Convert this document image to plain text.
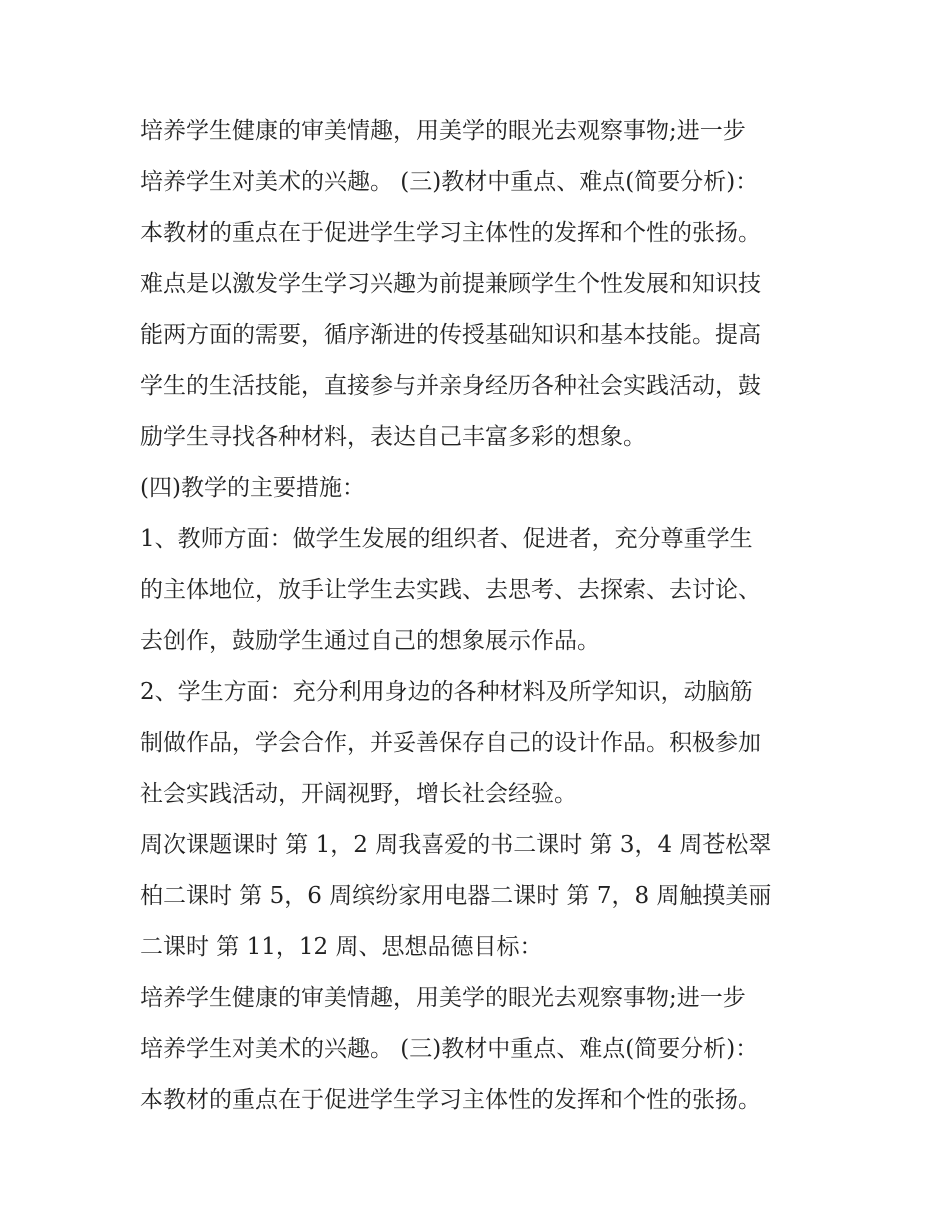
培养学生健康的审美情趣，用美学的眼光去观察事物;进一步
培养学生对美术的兴趣。 (三)教材中重点、难点(简要分析)：
本教材的重点在于促进学生学习主体性的发挥和个性的张扬。
难点是以激发学生学习兴趣为前提兼顾学生个性发展和知识技
能两方面的需要，循序渐进的传授基础知识和基本技能。提高
学生的生活技能，直接参与并亲身经历各种社会实践活动，鼓
励学生寻找各种材料，表达自己丰富多彩的想象。
(四)教学的主要措施：
1、教师方面：做学生发展的组织者、促进者，充分尊重学生
的主体地位，放手让学生去实践、去思考、去探索、去讨论、
去创作，鼓励学生通过自己的想象展示作品。
2、学生方面：充分利用身边的各种材料及所学知识，动脑筋
制做作品，学会合作，并妥善保存自己的设计作品。积极参加
社会实践活动，开阔视野，增长社会经验。
周次课题课时 第 1，2 周我喜爱的书二课时 第 3，4 周苍松翠
柏二课时 第 5，6 周缤纷家用电器二课时 第 7，8 周触摸美丽
二课时 第 11，12 周、思想品德目标：
培养学生健康的审美情趣，用美学的眼光去观察事物;进一步
培养学生对美术的兴趣。 (三)教材中重点、难点(简要分析)：
本教材的重点在于促进学生学习主体性的发挥和个性的张扬。
